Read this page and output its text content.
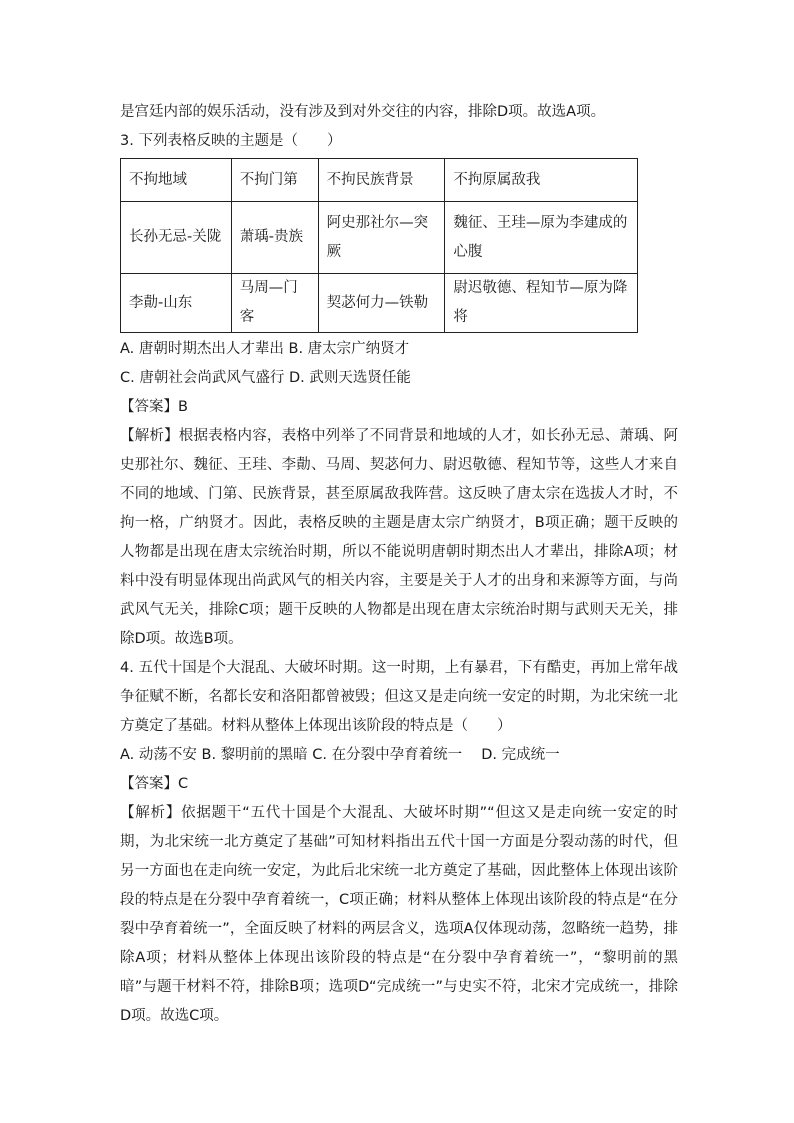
是宫廷内部的娱乐活动，没有涉及到对外交往的内容，排除D项。故选A项。

3. 下列表格反映的主题是（　　）

不拘地域	不拘门第	不拘民族背景	不拘原属敌我
长孙无忌-关陇	萧瑀-贵族	阿史那社尔—突厥	魏征、王珪—原为李建成的心腹
李勣-山东	马周—门客	契苾何力—铁勒	尉迟敬德、程知节—原为降将

A. 唐朝时期杰出人才辈出 B. 唐太宗广纳贤才

C. 唐朝社会尚武风气盛行 D. 武则天选贤任能

【答案】B

【解析】根据表格内容，表格中列举了不同背景和地域的人才，如长孙无忌、萧瑀、阿史那社尔、魏征、王珪、李勣、马周、契苾何力、尉迟敬德、程知节等，这些人才来自不同的地域、门第、民族背景，甚至原属敌我阵营。这反映了唐太宗在选拔人才时，不拘一格，广纳贤才。因此，表格反映的主题是唐太宗广纳贤才，B项正确；题干反映的人物都是出现在唐太宗统治时期，所以不能说明唐朝时期杰出人才辈出，排除A项；材料中没有明显体现出尚武风气的相关内容，主要是关于人才的出身和来源等方面，与尚武风气无关，排除C项；题干反映的人物都是出现在唐太宗统治时期与武则天无关，排除D项。故选B项。

4. 五代十国是个大混乱、大破坏时期。这一时期，上有暴君，下有酷吏，再加上常年战争征赋不断，名都长安和洛阳都曾被毁；但这又是走向统一安定的时期，为北宋统一北方奠定了基础。材料从整体上体现出该阶段的特点是（　　）

A. 动荡不安 B. 黎明前的黑暗 C. 在分裂中孕育着统一　 D. 完成统一

【答案】C

【解析】依据题干“五代十国是个大混乱、大破坏时期”“但这又是走向统一安定的时期，为北宋统一北方奠定了基础”可知材料指出五代十国一方面是分裂动荡的时代，但另一方面也在走向统一安定，为此后北宋统一北方奠定了基础，因此整体上体现出该阶段的特点是在分裂中孕育着统一，C项正确；材料从整体上体现出该阶段的特点是“在分裂中孕育着统一”，全面反映了材料的两层含义，选项A仅体现动荡，忽略统一趋势，排除A项；材料从整体上体现出该阶段的特点是“在分裂中孕育着统一”，“黎明前的黑暗”与题干材料不符，排除B项；选项D“完成统一”与史实不符，北宋才完成统一，排除D项。故选C项。
